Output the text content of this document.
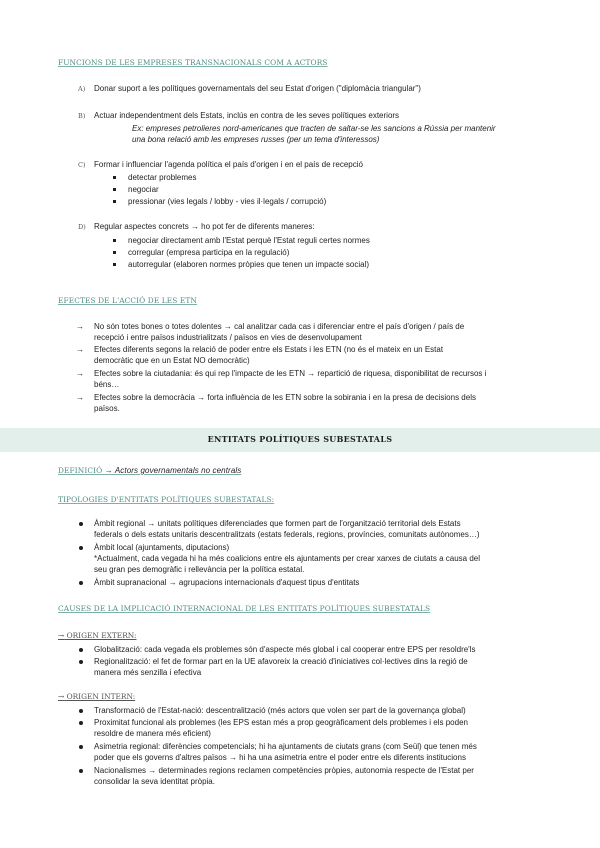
FUNCIONS DE LES EMPRESES TRANSNACIONALS COM A ACTORS
A) Donar suport a les polítiques governamentals del seu Estat d'origen ("diplomàcia triangular")
B) Actuar independentment dels Estats, inclús en contra de les seves polítiques exteriors
Ex: empreses petrolieres nord-americanes que tracten de saltar-se les sancions a Rússia per mantenir
una bona relació amb les empreses russes (per un tema d'interessos)
C) Formar i influenciar l'agenda política el país d'origen i en el país de recepció
detectar problemes
negociar
pressionar (vies legals / lobby - vies il·legals / corrupció)
D) Regular aspectes concrets → ho pot fer de diferents maneres:
negociar directament amb l'Estat perquè l'Estat reguli certes normes
corregular (empresa participa en la regulació)
autorregular (elaboren normes pròpies que tenen un impacte social)
EFECTES DE L'ACCIÓ DE LES ETN
→ No són totes bones o totes dolentes → cal analitzar cada cas i diferenciar entre el país d'origen / país de
recepció i entre països industrialitzats / països en vies de desenvolupament
→ Efectes diferents segons la relació de poder entre els Estats i les ETN (no és el mateix en un Estat
democràtic que en un Estat NO democràtic)
→ Efectes sobre la ciutadania: és qui rep l'impacte de les ETN → repartició de riquesa, disponibilitat de recursos i
béns…
→ Efectes sobre la democràcia → forta influència de les ETN sobre la sobirania i en la presa de decisions dels
països.
ENTITATS POLÍTIQUES SUBESTATALS
DEFINICIÓ → Actors governamentals no centrals
TIPOLOGIES D'ENTITATS POLÍTIQUES SUBESTATALS:
Àmbit regional → unitats polítiques diferenciades que formen part de l'organització territorial dels Estats
federals o dels estats unitaris descentralitzats (estats federals, regions, províncies, comunitats autònomes…)
Àmbit local (ajuntaments, diputacions)
*Actualment, cada vegada hi ha més coalicions entre els ajuntaments per crear xarxes de ciutats a causa del
seu gran pes demogràfic i rellevància per la política estatal.
Àmbit supranacional → agrupacions internacionals d'aquest tipus d'entitats
CAUSES DE LA IMPLICACIÓ INTERNACIONAL DE LES ENTITATS POLÍTIQUES SUBESTATALS
→ ORIGEN EXTERN:
Globalització: cada vegada els problemes són d'aspecte més global i cal cooperar entre EPS per resoldre'ls
Regionalització: el fet de formar part en la UE afavoreix la creació d'iniciatives col·lectives dins la regió de
manera més senzilla i efectiva
→ ORIGEN INTERN:
Transformació de l'Estat-nació: descentralització (més actors que volen ser part de la governança global)
Proximitat funcional als problemes (les EPS estan més a prop geogràficament dels problemes i els poden
resoldre de manera més eficient)
Asimetria regional: diferències competencials; hi ha ajuntaments de ciutats grans (com Seül) que tenen més
poder que els governs d'altres països → hi ha una asimetria entre el poder entre els diferents institucions
Nacionalismes → determinades regions reclamen competències pròpies, autonomia respecte de l'Estat per
consolidar la seva identitat pròpia.
